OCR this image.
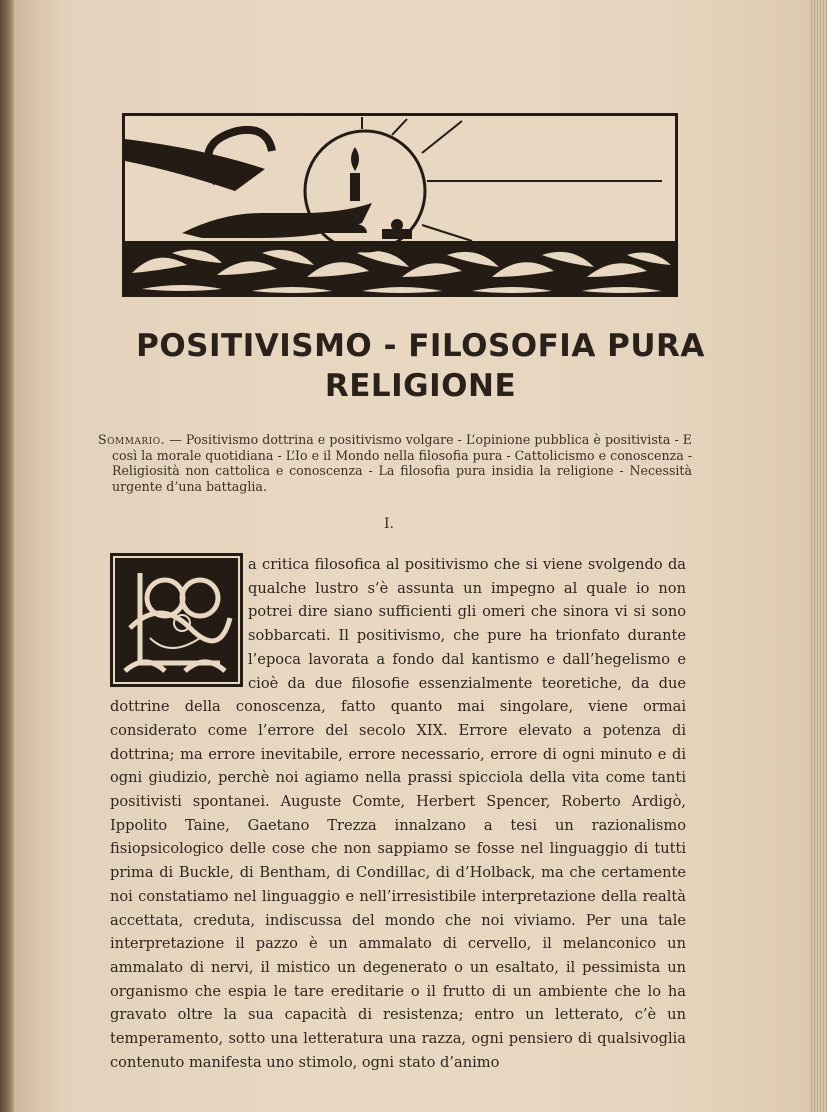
POSITIVISMO - FILOSOFIA PURA
RELIGIONE
Sommario. — Positivismo dottrina e positivismo volgare - L’opinione pubblica è positivista - E così la morale quotidiana - L’Io e il Mondo nella filosofia pura - Cattolicismo e conoscenza - Religiosità non cattolica e conoscenza - La filosofia pura insidia la religione - Necessità urgente d’una battaglia.
I.

a critica filosofica al positivismo che si viene svolgendo da qualche lustro s’è assunta un impegno al quale io non potrei dire siano sufficienti gli omeri che sinora vi si sono sobbarcati. Il positivismo, che pure ha trionfato durante l’epoca lavorata a fondo dal kantismo e dall’hegelismo e cioè da due filosofie essenzialmente teoretiche, da due dottrine della conoscenza, fatto quanto mai singolare, viene ormai considerato come l’errore del secolo XIX. Errore elevato a potenza di dottrina; ma errore inevitabile, errore necessario, errore di ogni minuto e di ogni giudizio, perchè noi agiamo nella prassi spicciola della vita come tanti positivisti spontanei. Auguste Comte, Herbert Spencer, Roberto Ardigò, Ippolito Taine, Gaetano Trezza innalzano a tesi un razionalismo fisiopsicologico delle cose che non sappiamo se fosse nel linguaggio di tutti prima di Buckle, di Bentham, di Condillac, di d’Holback, ma che certamente noi constatiamo nel linguaggio e nell’irresistibile interpretazione della realtà accettata, creduta, indiscussa del mondo che noi viviamo. Per una tale interpretazione il pazzo è un ammalato di cervello, il melanconico un ammalato di nervi, il mistico un degenerato o un esaltato, il pessimista un organismo che espia le tare ereditarie o il frutto di un ambiente che lo ha gravato oltre la sua capacità di resistenza; entro un letterato, c’è un temperamento, sotto una letteratura una razza, ogni pensiero di qualsivoglia contenuto manifesta uno stimolo, ogni stato d’animo
